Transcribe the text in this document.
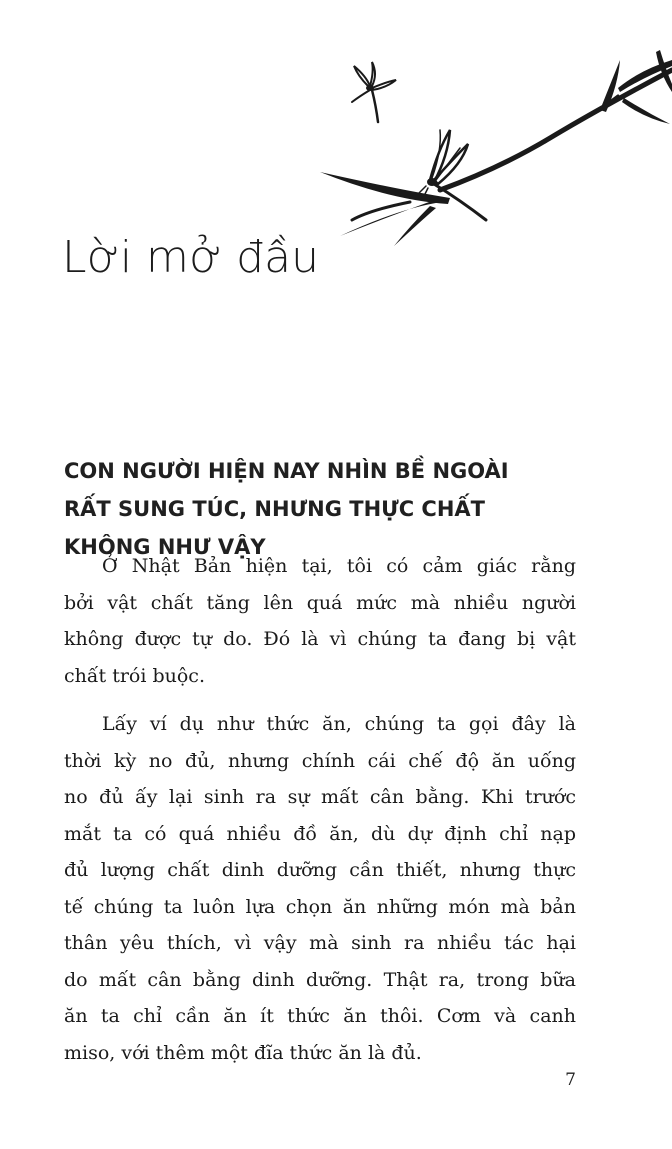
Lời mở đầu
CON NGƯỜI HIỆN NAY NHÌN BỀ NGOÀI
RẤT SUNG TÚC, NHƯNG THỰC CHẤT
KHÔNG NHƯ VẬY

Ở Nhật Bản hiện tại, tôi có cảm giác rằng
bởi vật chất tăng lên quá mức mà nhiều người
không được tự do. Đó là vì chúng ta đang bị vật
chất trói buộc.

Lấy ví dụ như thức ăn, chúng ta gọi đây là
thời kỳ no đủ, nhưng chính cái chế độ ăn uống
no đủ ấy lại sinh ra sự mất cân bằng. Khi trước
mắt ta có quá nhiều đồ ăn, dù dự định chỉ nạp
đủ lượng chất dinh dưỡng cần thiết, nhưng thực
tế chúng ta luôn lựa chọn ăn những món mà bản
thân yêu thích, vì vậy mà sinh ra nhiều tác hại
do mất cân bằng dinh dưỡng. Thật ra, trong bữa
ăn ta chỉ cần ăn ít thức ăn thôi. Cơm và canh
miso, với thêm một đĩa thức ăn là đủ.

7
